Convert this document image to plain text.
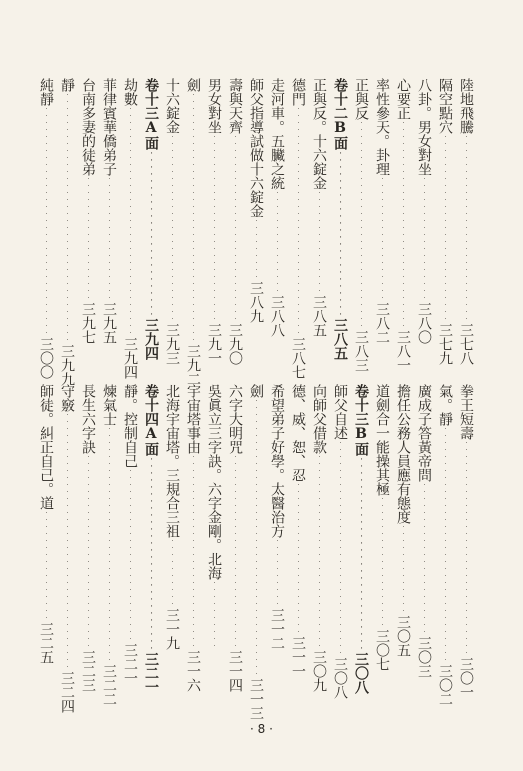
陸地飛騰···························三七八
隔空點穴···························三七九
八卦。男女對坐··················三八〇
心要正······························三八一
率性參天。卦理··················三八二
正與反······························三八三
卷十二B面························三八五
正與反。十六錠金···············三八五
德門·································三八七
走河車。五臟之統···············三八八
師父指導試做十六錠金·········三八九
壽與天齊···························三九〇
男女對坐···························三九一
劍····································三九二
十六錠金···························三九三
卷十三A面························三九四
劫數·································三九四
菲律賓華僑弟子··················三九五
台南多妻的徒弟··················三九七
靜····································三九九
純靜·································三〇〇
拳王短壽·······························三〇一
氣。靜··································三〇二
廣成子答黃帝問······················三〇三
擔任公務人員應有態度·············三〇五
道劍合一能操其極···················三〇七
卷十三B面····························三〇八
師父自述·······························三〇八
向師父借款····························三〇九
德、威、恕、忍······················三一一
希望弟子好學。太醫治方··········三一二
劍········································三一三
六字大明咒····························三一四
吳眞立三字訣。六字金剛。北海··········
宇宙塔事由····························三一六
北海宇宙塔。三規合三祖··········三一九
卷十四A面····························三二一
靜。控制自己·························三二一
煉氣士··································三二二
長生六字訣····························三二三
守竅·····································三二四
師徒。糾正自己。道················三二五
· 8 ·
